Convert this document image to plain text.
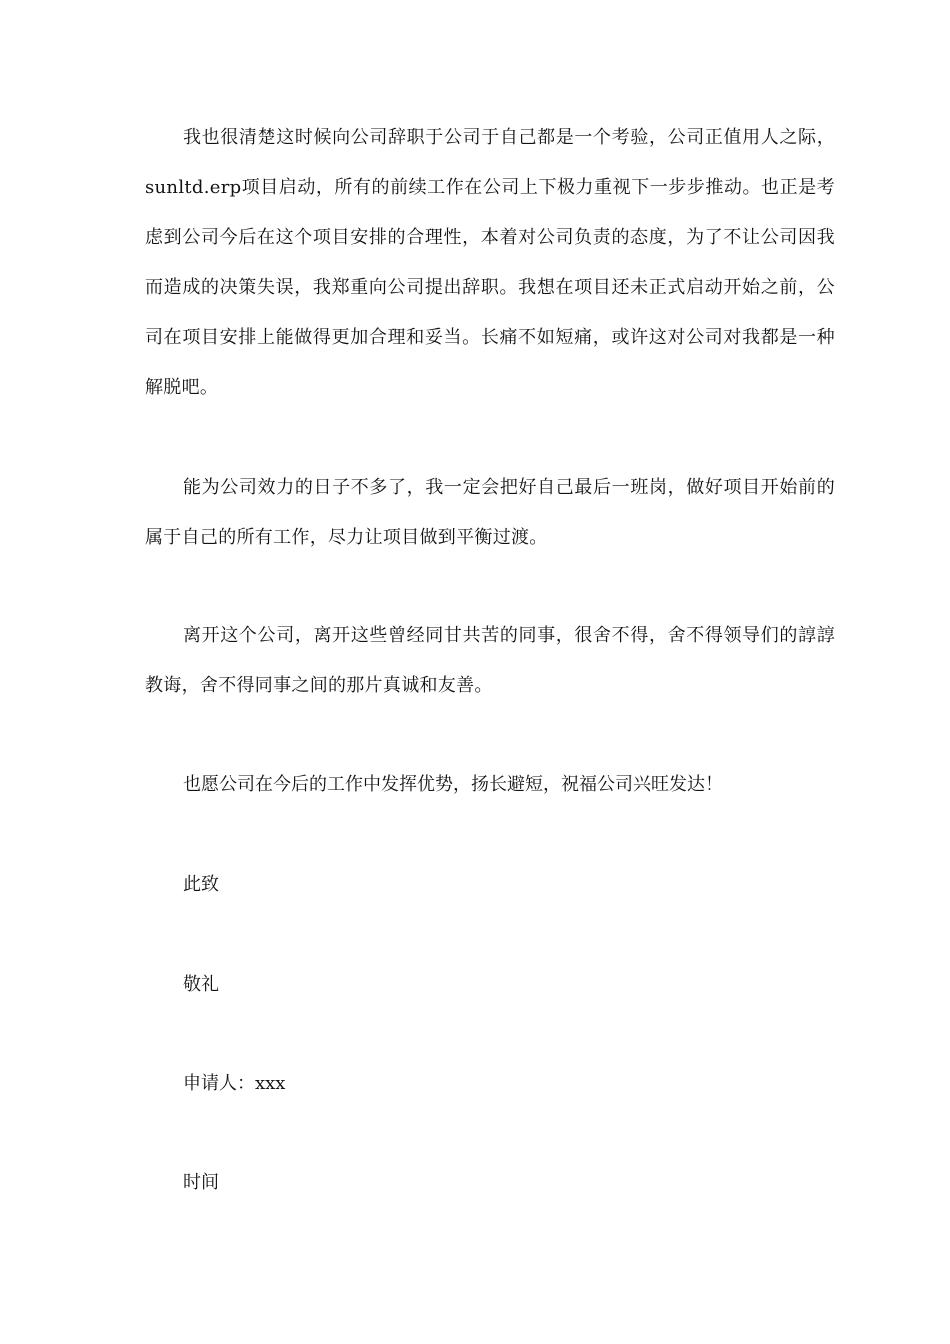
我也很清楚这时候向公司辞职于公司于自己都是一个考验，公司正值用人之际，sunltd.erp项目启动，所有的前续工作在公司上下极力重视下一步步推动。也正是考虑到公司今后在这个项目安排的合理性，本着对公司负责的态度，为了不让公司因我而造成的决策失误，我郑重向公司提出辞职。我想在项目还未正式启动开始之前，公司在项目安排上能做得更加合理和妥当。长痛不如短痛，或许这对公司对我都是一种解脱吧。

能为公司效力的日子不多了，我一定会把好自己最后一班岗，做好项目开始前的属于自己的所有工作，尽力让项目做到平衡过渡。

离开这个公司，离开这些曾经同甘共苦的同事，很舍不得，舍不得领导们的諄諄教诲，舍不得同事之间的那片真诚和友善。

也愿公司在今后的工作中发挥优势，扬长避短，祝福公司兴旺发达！

此致

敬礼

申请人：xxx

时间
